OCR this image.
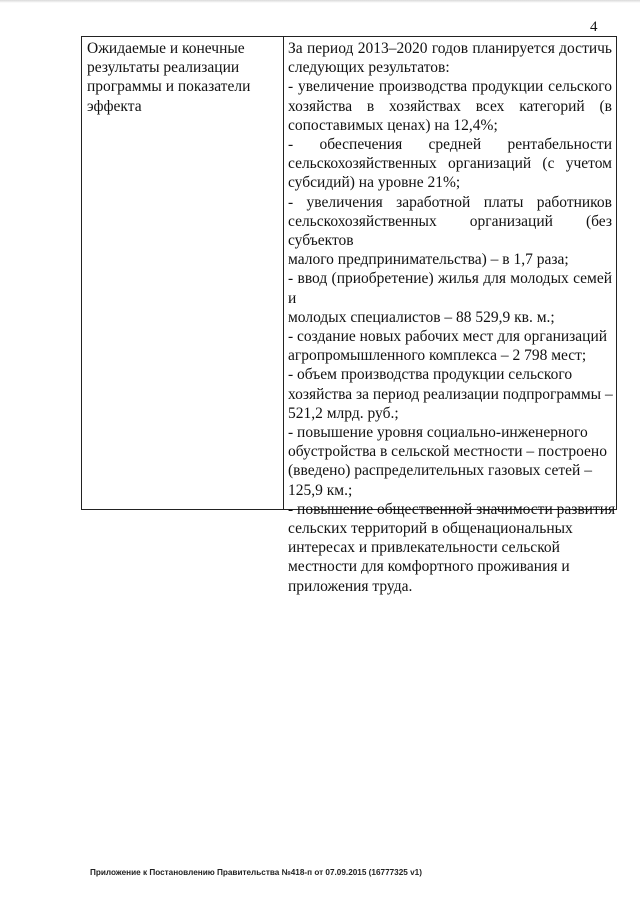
4
Ожидаемые и конечные
результаты реализации
программы и показатели
эффекта
За период 2013–2020 годов планируется достичь
следующих результатов:
- увеличение производства продукции сельского
хозяйства в хозяйствах всех категорий (в
сопоставимых ценах) на 12,4%;
- обеспечения средней рентабельности
сельскохозяйственных организаций (с учетом
субсидий) на уровне 21%;
- увеличения заработной платы работников
сельскохозяйственных организаций (без субъектов
малого предпринимательства) – в 1,7 раза;
- ввод (приобретение) жилья для молодых семей и
молодых специалистов – 88 529,9 кв. м.;
- создание новых рабочих мест для организаций
агропромышленного комплекса – 2 798 мест;
- объем производства продукции сельского
хозяйства за период реализации подпрограммы –
521,2 млрд. руб.;
- повышение уровня социально-инженерного
обустройства в сельской местности – построено
(введено) распределительных газовых сетей –
125,9 км.;
- повышение общественной значимости развития
сельских территорий в общенациональных
интересах и привлекательности сельской
местности для комфортного проживания и
приложения труда.
Приложение к Постановлению Правительства №418-п от 07.09.2015 (16777325 v1)
